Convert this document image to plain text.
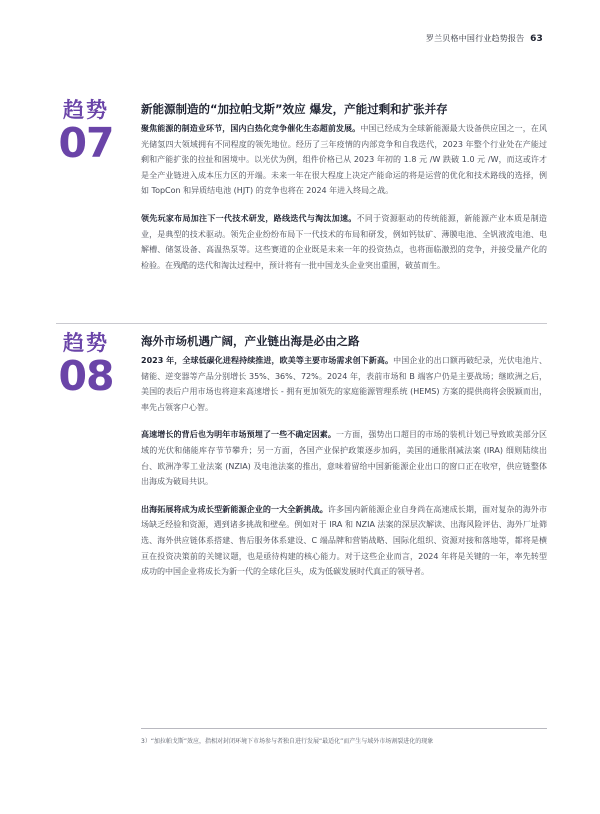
罗兰贝格中国行业趋势报告 63
趋势
07
新能源制造的“加拉帕戈斯”效应 爆发，产能过剩和扩张并存

聚焦能源的制造业环节，国内白热化竞争催化生态超前发展。中国已经成为全球新能源最大设备供应国之一，在风光储氢四大领域拥有不同程度的领先地位。经历了三年疫情的内部竞争和自我迭代，2023 年整个行业处在产能过剩和产能扩张的拉扯和困境中。以光伏为例，组件价格已从 2023 年初的 1.8 元 /W 跌破 1.0 元 /W，而这或许才是全产业链进入成本压力区的开端。未来一年在很大程度上决定产能命运的将是运营的优化和技术路线的选择，例如 TopCon 和异质结电池 (HJT) 的竞争也将在 2024 年进入终局之战。

领先玩家布局加注下一代技术研发，路线迭代与淘汰加速。不同于资源驱动的传统能源，新能源产业本质是制造业，是典型的技术驱动。领先企业纷纷布局下一代技术的布局和研发，例如钙钛矿、薄膜电池、全钒液流电池、电解槽、储氢设备、高温热泵等。这些赛道的企业既是未来一年的投资热点，也将面临激烈的竞争，并接受量产化的检验。在残酷的迭代和淘汰过程中，预计将有一批中国龙头企业突出重围，破茧而生。

趋势
08
海外市场机遇广阔，产业链出海是必由之路

2023 年，全球低碳化进程持续推进，欧美等主要市场需求创下新高。中国企业的出口额再破纪录，光伏电池片、储能、逆变器等产品分别增长 35%、36%、72%。2024 年，表前市场和 B 端客户仍是主要战场；继欧洲之后，美国的表后户用市场也将迎来高速增长 - 拥有更加领先的家庭能源管理系统 (HEMS) 方案的提供商将会脱颖而出，率先占领客户心智。

高速增长的背后也为明年市场预埋了一些不确定因素。一方面，强势出口超目的市场的装机计划已导致欧美部分区域的光伏和储能库存节节攀升；另一方面，各国产业保护政策逐步加码，美国的通胀削减法案 (IRA) 细则陆续出台、欧洲净零工业法案 (NZIA) 及电池法案的推出，意味着留给中国新能源企业出口的窗口正在收窄，供应链整体出海成为破局共识。

出海拓展将成为成长型新能源企业的一大全新挑战。许多国内新能源企业自身尚在高速成长期，面对复杂的海外市场缺乏经验和资源，遇到诸多挑战和壁垒。例如对于 IRA 和 NZIA 法案的深层次解读、出海风险评估、海外厂址筛选、海外供应链体系搭建、售后服务体系建设、C 端品牌和营销战略、国际化组织、资源对接和落地等，都将是横亘在投资决策前的关键议题，也是亟待构建的核心能力。对于这些企业而言，2024 年将是关键的一年，率先转型成功的中国企业将成长为新一代的全球化巨头，成为低碳发展时代真正的领导者。

3）“加拉帕戈斯”效应，指相对封闭环境下市场参与者独自进行发展“最适化”而产生与域外市场割裂进化的现象
